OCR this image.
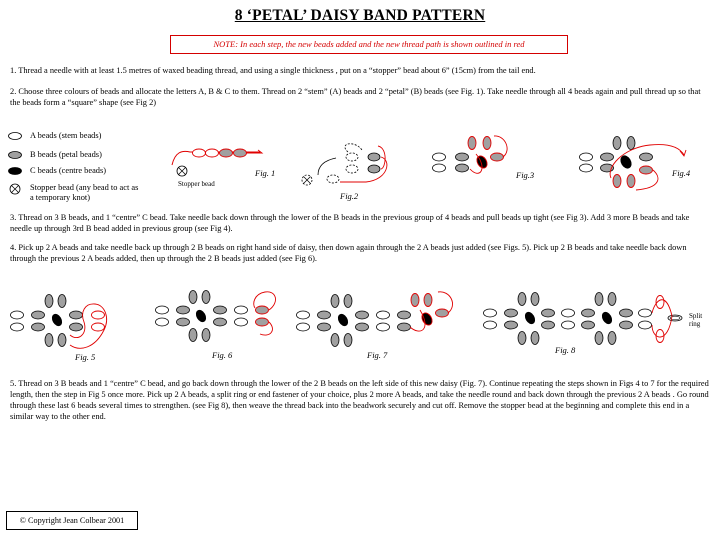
8 ‘PETAL’ DAISY BAND PATTERN
NOTE: In each step, the new beads added and the new thread path is shown outlined in red
1. Thread a needle with at least 1.5 metres of waxed beading thread, and using a single thickness , put on a “stopper” bead about 6” (15cm) from the tail end.
2. Choose three colours of beads and allocate the letters A, B & C to them. Thread on 2 “stem” (A) beads and 2 “petal” (B) beads (see Fig. 1). Take needle through all 4 beads again and pull thread up so that the beads form a “square” shape (see Fig 2)
A beads (stem beads)
B beads (petal beads)
C beads (centre beads)
Stopper bead (any bead to act as a temporary knot)
Fig. 1
Stopper bead
Fig.2
Fig.3	Fig.4
3. Thread on 3 B beads, and 1 “centre” C bead. Take needle back down through the lower of the B beads in the previous group of 4 beads and pull beads up tight (see Fig 3). Add 3 more B beads and take needle up through 3rd B bead added in previous group (see Fig 4).
4. Pick up 2 A beads and take needle back up through 2 B beads on right hand side of daisy, then down again through the 2 A beads just added (see Figs. 5). Pick up 2 B beads and take needle back down through the previous 2 A beads added, then up through the 2 B beads just added (see Fig 6).
Fig. 5	Fig. 6	Fig. 7	Fig. 8
Split ring
5. Thread on 3 B beads and 1 “centre” C bead, and go back down through the lower of the 2 B beads on the left side of this new daisy (Fig. 7). Continue repeating the steps shown in Figs 4 to 7 for the required length, then the step in Fig 5 once more. Pick up 2 A beads, a split ring or end fastener of your choice, plus 2 more A beads, and take the needle round and back down through the previous 2 A beads . Go round through these last 6 beads several times to strengthen. (see Fig 8), then weave the thread back into the beadwork securely and cut off. Remove the stopper bead at the beginning and complete this end in a similar way to the other end.
© Copyright Jean Colbear 2001
